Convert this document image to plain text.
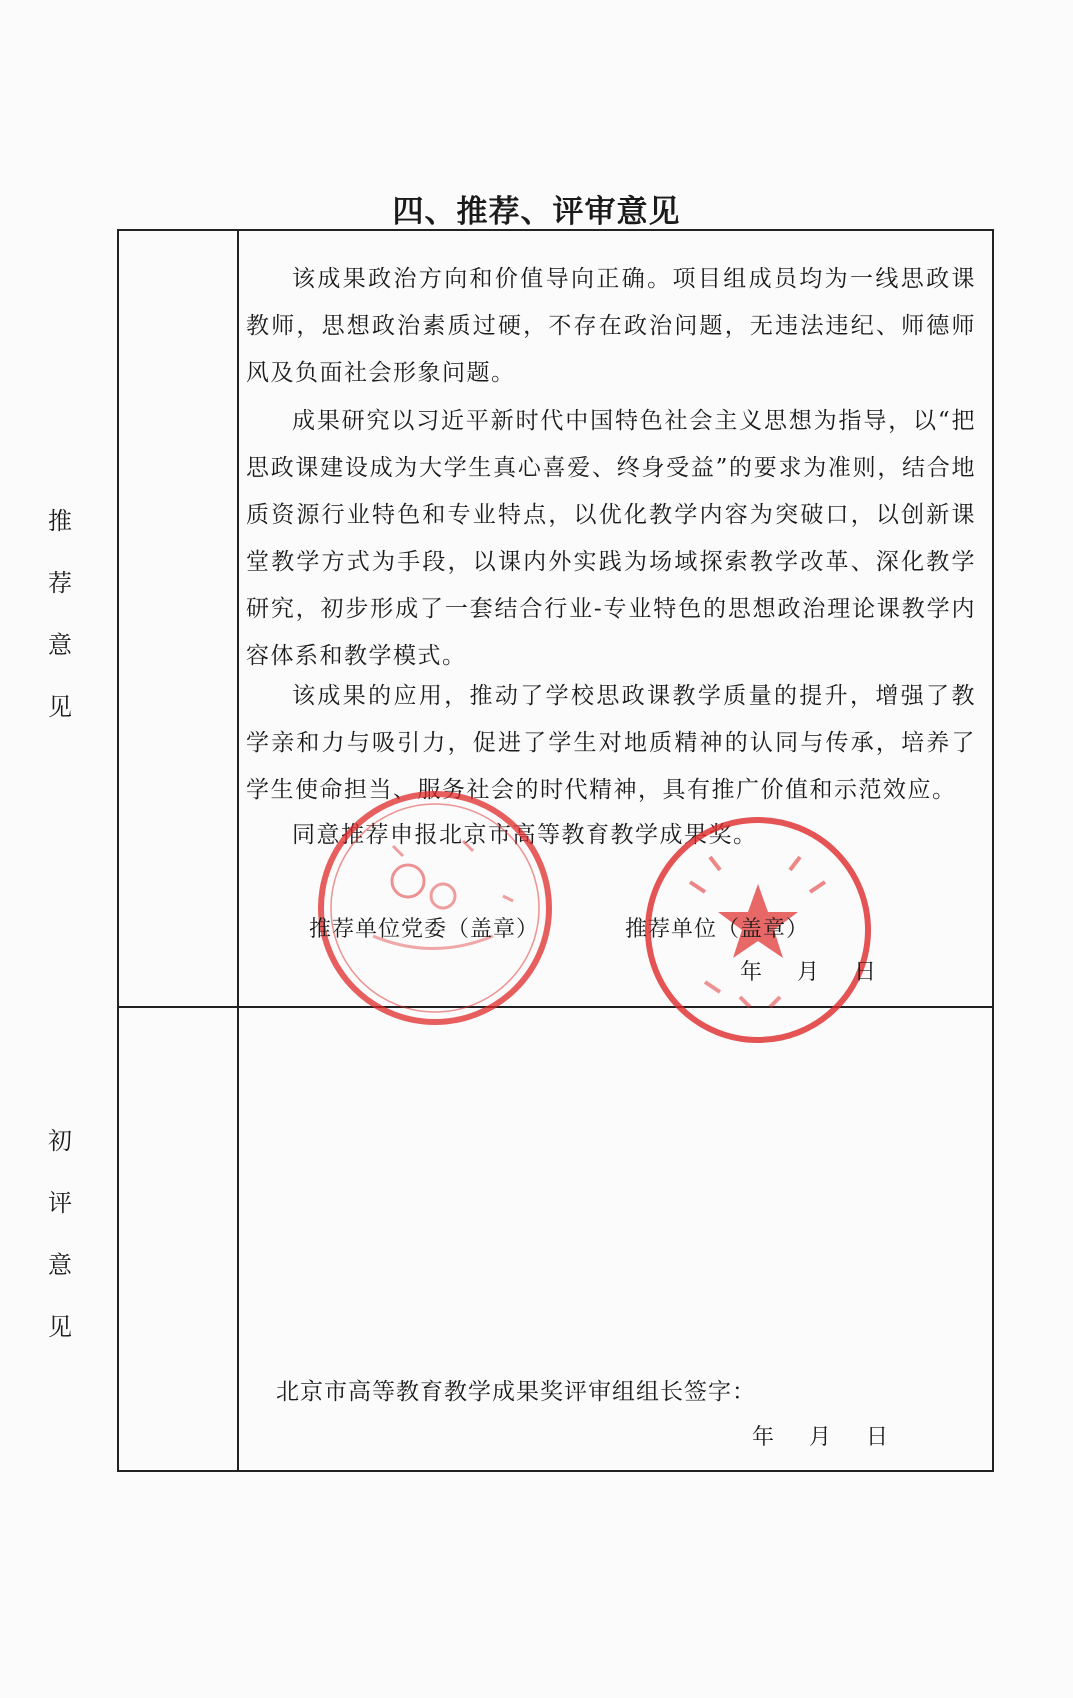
四、推荐、评审意见
推
荐
意
见
初
评
意
见
该成果政治方向和价值导向正确。项目组成员均为一线思政课教师，思想政治素质过硬，不存在政治问题，无违法违纪、师德师风及负面社会形象问题。
成果研究以习近平新时代中国特色社会主义思想为指导，以“把思政课建设成为大学生真心喜爱、终身受益”的要求为准则，结合地质资源行业特色和专业特点，以优化教学内容为突破口，以创新课堂教学方式为手段，以课内外实践为场域探索教学改革、深化教学研究，初步形成了一套结合行业-专业特色的思想政治理论课教学内容体系和教学模式。
该成果的应用，推动了学校思政课教学质量的提升，增强了教学亲和力与吸引力，促进了学生对地质精神的认同与传承，培养了学生使命担当、服务社会的时代精神，具有推广价值和示范效应。
同意推荐申报北京市高等教育教学成果奖。
推荐单位党委（盖章）	推荐单位（盖章）
年 月 日
北京市高等教育教学成果奖评审组组长签字：
年 月 日
